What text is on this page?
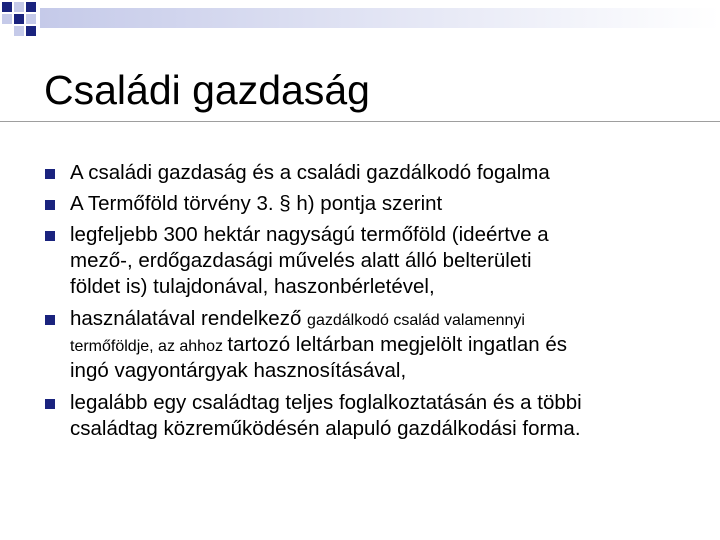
Családi gazdaság
A családi gazdaság és a családi gazdálkodó fogalma
A Termőföld törvény 3. § h) pontja szerint
legfeljebb 300 hektár nagyságú termőföld (ideértve a
mező-, erdőgazdasági művelés alatt álló belterületi
földet is) tulajdonával, haszonbérletével,
használatával rendelkező gazdálkodó család valamennyi
termőföldje, az ahhoz tartozó leltárban megjelölt ingatlan és
ingó vagyontárgyak hasznosításával,
legalább egy családtag teljes foglalkoztatásán és a többi
családtag közreműködésén alapuló gazdálkodási forma.
